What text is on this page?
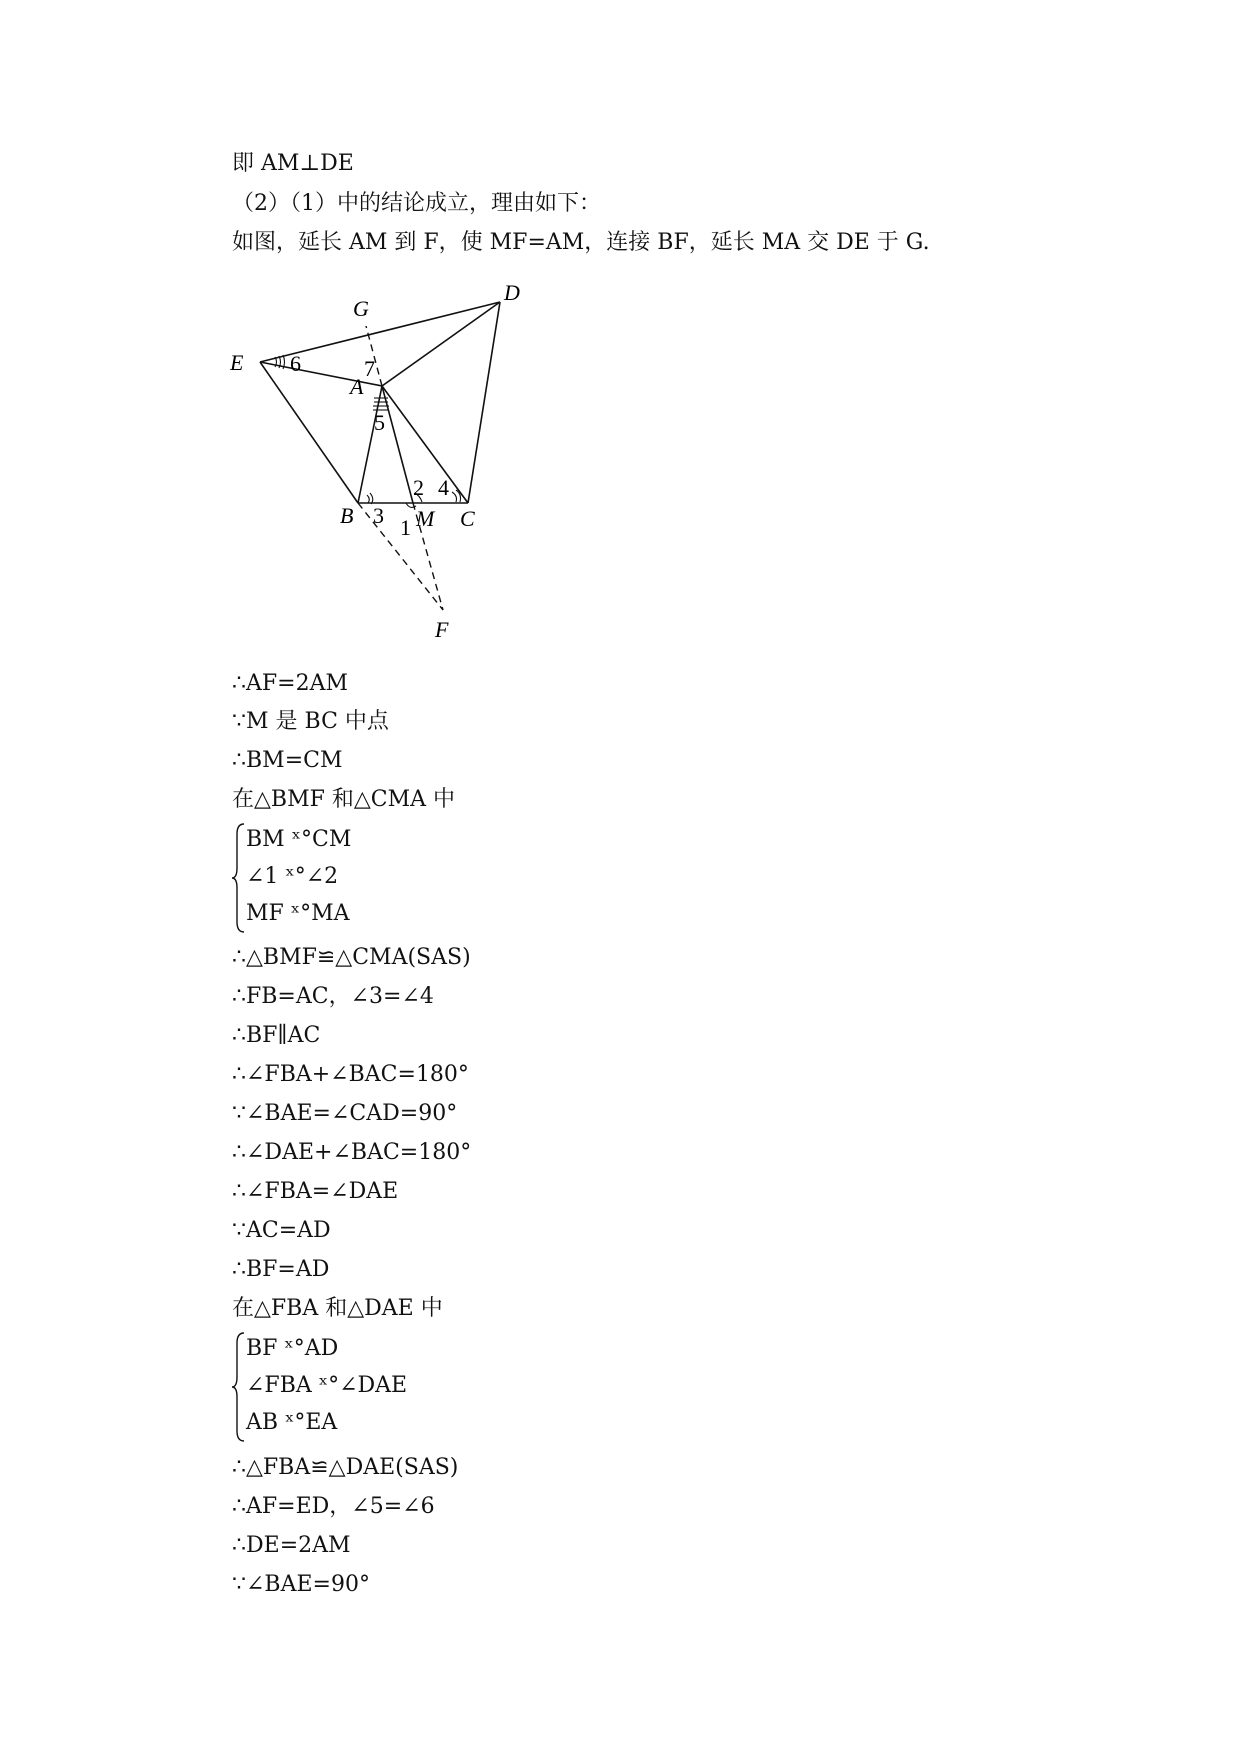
即 AM⊥DE
（2）（1）中的结论成立，理由如下：
如图，延长 AM 到 F，使 MF=AM，连接 BF，延长 MA 交 DE 于 G.
D
G
E
A
B	C
M
F
1
2
3
4
5
6	7
∴AF=2AM
∵M 是 BC 中点
∴BM=CM
在△BMF 和△CMA 中
BM ˣ°CM
∠1 ˣ°∠2
MF ˣ°MA
∴△BMF≌△CMA(SAS)
∴FB=AC，∠3=∠4
∴BF∥AC
∴∠FBA+∠BAC=180°
∵∠BAE=∠CAD=90°
∴∠DAE+∠BAC=180°
∴∠FBA=∠DAE
∵AC=AD
∴BF=AD
在△FBA 和△DAE 中
BF ˣ°AD
∠FBA ˣ°∠DAE
AB ˣ°EA
∴△FBA≌△DAE(SAS)
∴AF=ED，∠5=∠6
∴DE=2AM
∵∠BAE=90°
